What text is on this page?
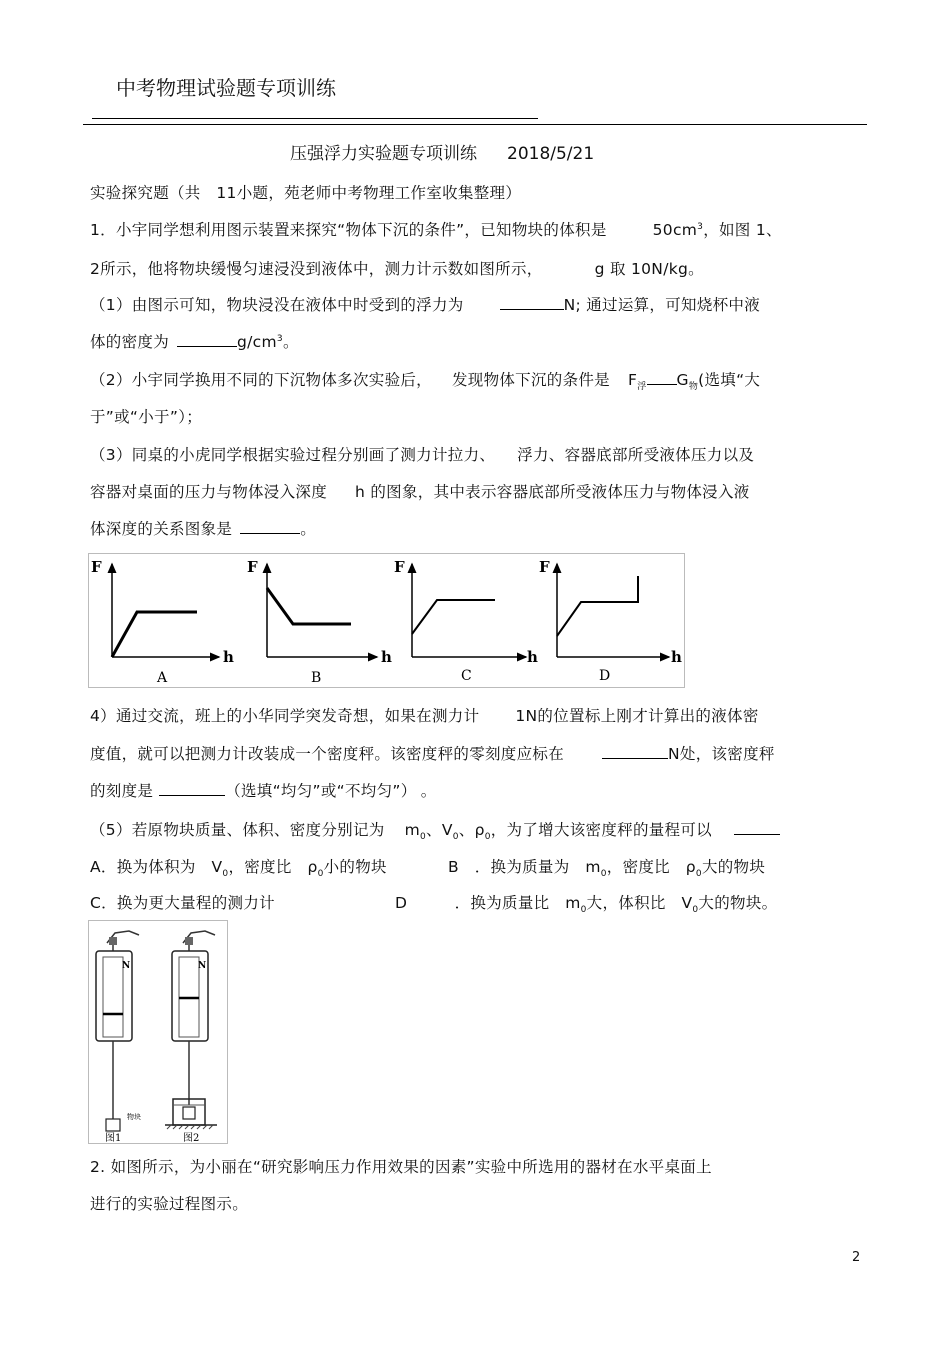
中考物理试验题专项训练
压强浮力实验题专项训练 2018/5/21
实验探究题（共　11小题，苑老师中考物理工作室收集整理）
1．小宇同学想利用图示装置来探究“物体下沉的条件”，已知物块的体积是	$50cm^3$，如图 1、
2所示，他将物块缓慢匀速浸没到液体中，测力计示数如图所示，	g 取 10N/kg。
（1）由图示可知，物块浸没在液体中时受到的浮力为	N; 通过运算，可知烧杯中液
体的密度为	$g/cm^3$。
（2）小宇同学换用不同的下沉物体多次实验后， 发现物体下沉的条件是 $F_浮$ $G_物$(选填“大
于”或“小于”）；
（3）同桌的小虎同学根据实验过程分别画了测力计拉力、 浮力、容器底部所受液体压力以及
容器对桌面的压力与物体浸入深度 h 的图象，其中表示容器底部所受液体压力与物体浸入液
体深度的关系图象是	。
F
h
A
F
h
B
F
h
C
F
h
D
4）通过交流，班上的小华同学突发奇想，如果在测力计 1N的位置标上刚才计算出的液体密
度值，就可以把测力计改装成一个密度秤。该密度秤的零刻度应标在	N处，该密度秤
的刻度是	（选填“均匀”或“不均匀”） 。
（5）若原物块质量、体积、密度分别记为 $m_0$、$V_0$、$\rho_0$，为了增大该密度秤的量程可以
A．换为体积为　$V_0$，密度比　$\rho_0$小的物块	B　．换为质量为　$m_0$，密度比　$\rho_0$大的物块
C．换为更大量程的测力计	D　　　．换为质量比　$m_0$大，体积比　$V_0$大的物块。
N
物块
图1
N
图2
2. 如图所示，为小丽在“研究影响压力作用效果的因素”实验中所选用的器材在水平桌面上
进行的实验过程图示。
2
